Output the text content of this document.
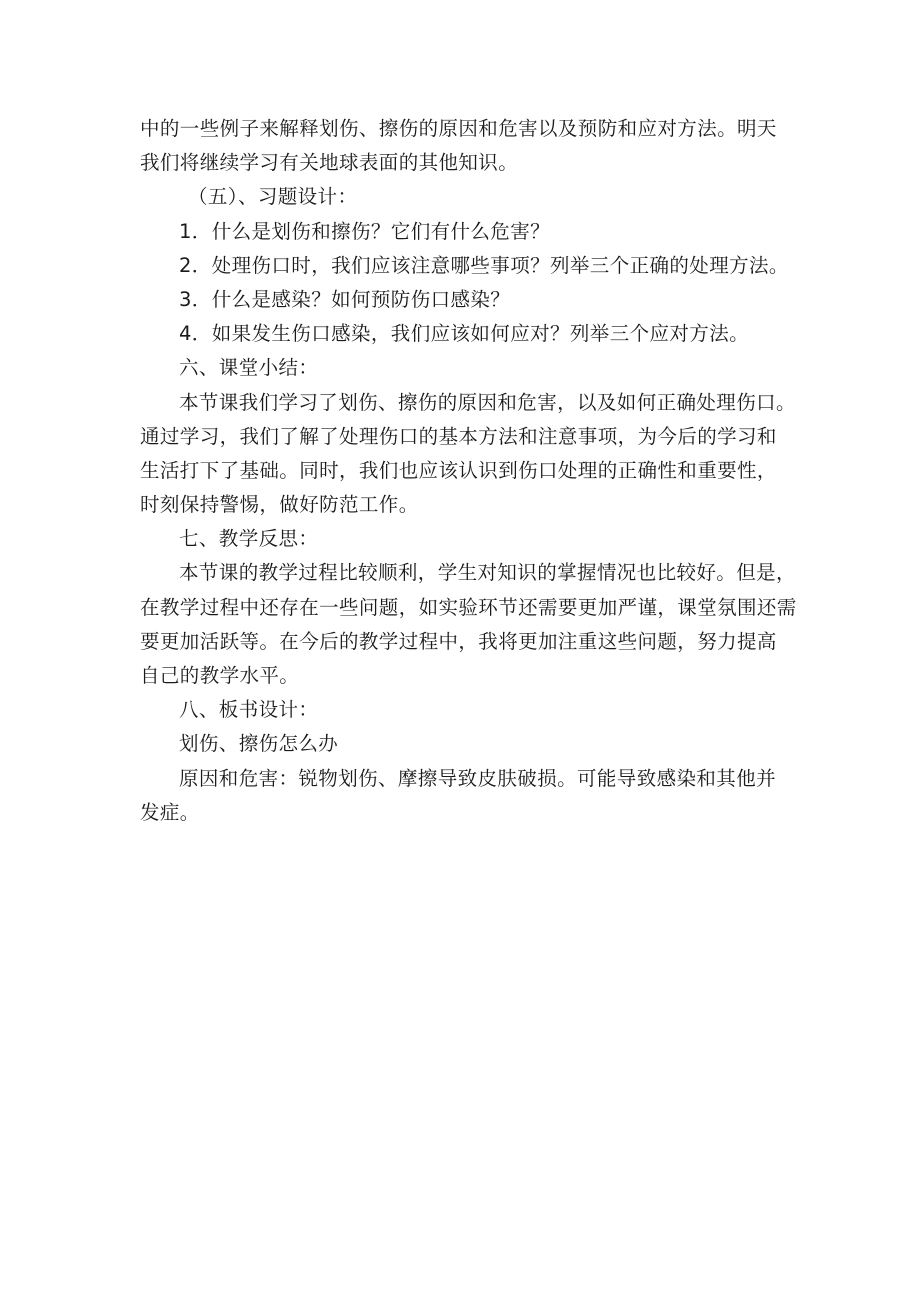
中的一些例子来解释划伤、擦伤的原因和危害以及预防和应对方法。明天
我们将继续学习有关地球表面的其他知识。
（五）、习题设计：
1．什么是划伤和擦伤？它们有什么危害？
2．处理伤口时，我们应该注意哪些事项？列举三个正确的处理方法。
3．什么是感染？如何预防伤口感染？
4．如果发生伤口感染，我们应该如何应对？列举三个应对方法。
六、课堂小结：
本节课我们学习了划伤、擦伤的原因和危害，以及如何正确处理伤口。
通过学习，我们了解了处理伤口的基本方法和注意事项，为今后的学习和
生活打下了基础。同时，我们也应该认识到伤口处理的正确性和重要性，
时刻保持警惕，做好防范工作。
七、教学反思：
本节课的教学过程比较顺利，学生对知识的掌握情况也比较好。但是，
在教学过程中还存在一些问题，如实验环节还需要更加严谨，课堂氛围还需
要更加活跃等。在今后的教学过程中，我将更加注重这些问题，努力提高
自己的教学水平。
八、板书设计：
划伤、擦伤怎么办
原因和危害：锐物划伤、摩擦导致皮肤破损。可能导致感染和其他并
发症。
